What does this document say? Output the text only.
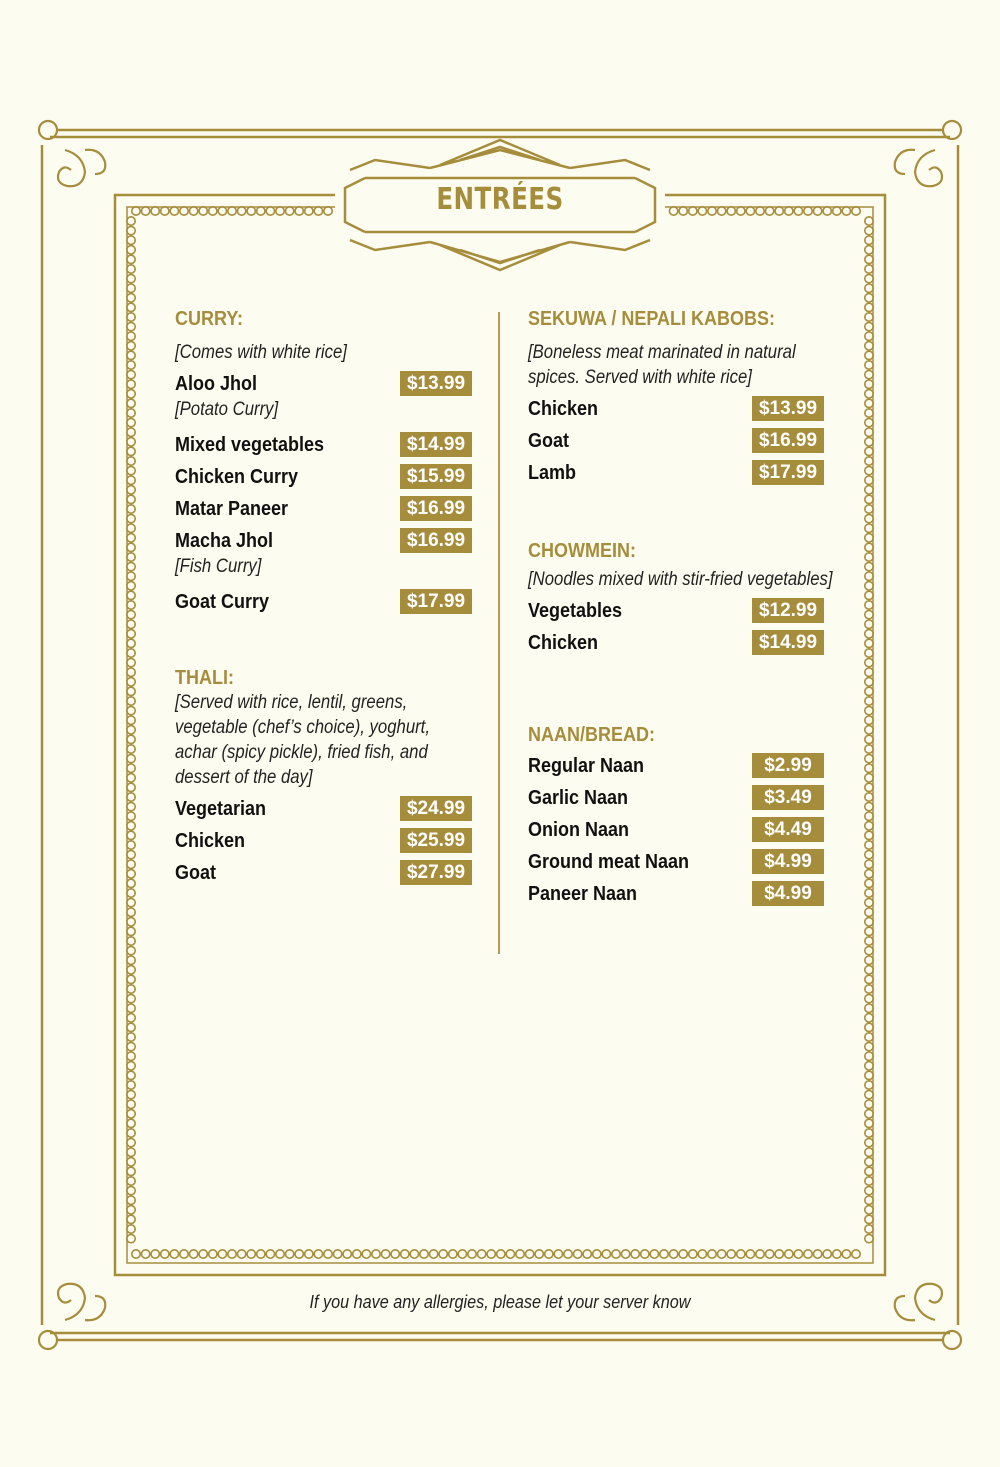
ENTRÉES
CURRY:
[Comes with white rice]
Aloo Jhol	$13.99
[Potato Curry]
Mixed vegetables	$14.99
Chicken Curry	$15.99
Matar Paneer	$16.99
Macha Jhol	$16.99
[Fish Curry]
Goat Curry	$17.99
THALI:
[Served with rice, lentil, greens,
vegetable (chef’s choice), yoghurt,
achar (spicy pickle), fried fish, and
dessert of the day]
Vegetarian	$24.99
Chicken	$25.99
Goat	$27.99
SEKUWA / NEPALI KABOBS:
[Boneless meat marinated in natural
spices. Served with white rice]
Chicken	$13.99
Goat	$16.99
Lamb	$17.99
CHOWMEIN:
[Noodles mixed with stir-fried vegetables]
Vegetables	$12.99
Chicken	$14.99
NAAN/BREAD:
Regular Naan	$2.99
Garlic Naan	$3.49
Onion Naan	$4.49
Ground meat Naan	$4.99
Paneer Naan	$4.99
If you have any allergies, please let your server know
